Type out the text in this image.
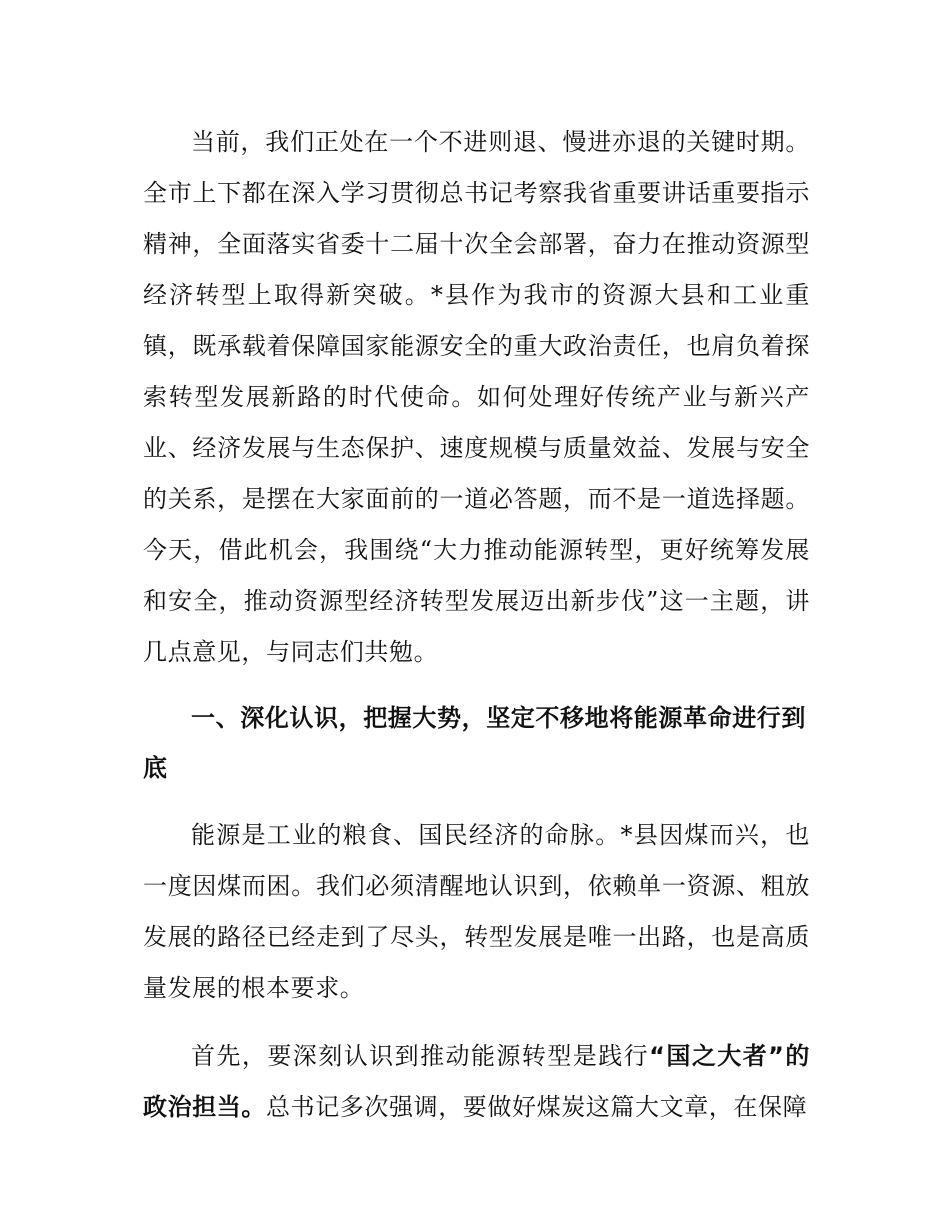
当前，我们正处在一个不进则退、慢进亦退的关键时期。全市上下都在深入学习贯彻总书记考察我省重要讲话重要指示精神，全面落实省委十二届十次全会部署，奋力在推动资源型经济转型上取得新突破。*县作为我市的资源大县和工业重镇，既承载着保障国家能源安全的重大政治责任，也肩负着探索转型发展新路的时代使命。如何处理好传统产业与新兴产业、经济发展与生态保护、速度规模与质量效益、发展与安全的关系，是摆在大家面前的一道必答题，而不是一道选择题。今天，借此机会，我围绕“大力推动能源转型，更好统筹发展和安全，推动资源型经济转型发展迈出新步伐”这一主题，讲几点意见，与同志们共勉。

一、深化认识，把握大势，坚定不移地将能源革命进行到底

能源是工业的粮食、国民经济的命脉。*县因煤而兴，也一度因煤而困。我们必须清醒地认识到，依赖单一资源、粗放发展的路径已经走到了尽头，转型发展是唯一出路，也是高质量发展的根本要求。

首先，要深刻认识到推动能源转型是践行“国之大者”的政治担当。总书记多次强调，要做好煤炭这篇大文章，在保障
